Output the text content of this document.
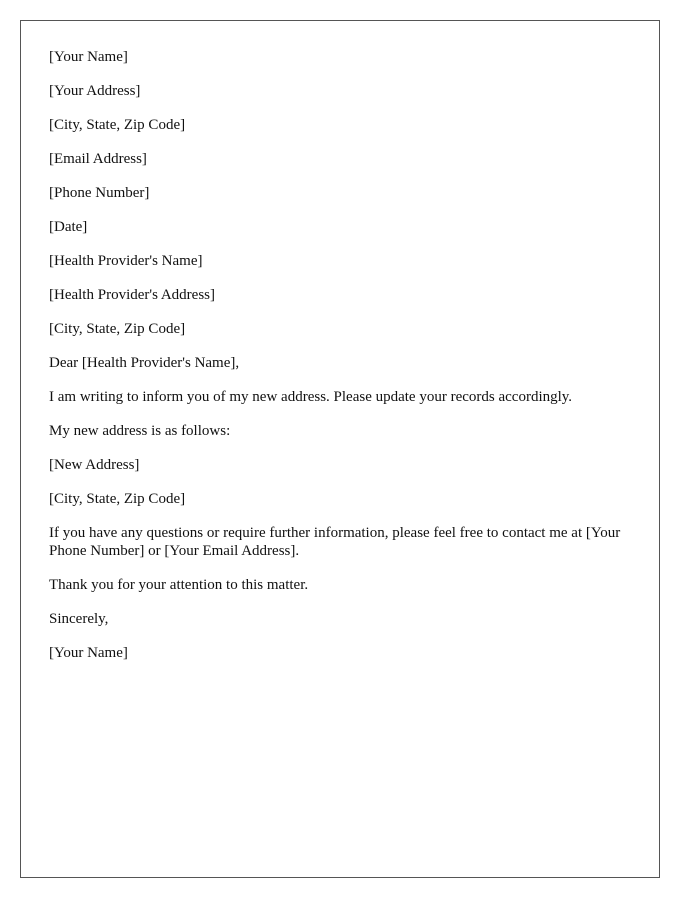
[Your Name]

[Your Address]

[City, State, Zip Code]

[Email Address]

[Phone Number]

[Date]

[Health Provider's Name]

[Health Provider's Address]

[City, State, Zip Code]

Dear [Health Provider's Name],

I am writing to inform you of my new address. Please update your records accordingly.

My new address is as follows:

[New Address]

[City, State, Zip Code]

If you have any questions or require further information, please feel free to contact me at [Your Phone Number] or [Your Email Address].

Thank you for your attention to this matter.

Sincerely,

[Your Name]
